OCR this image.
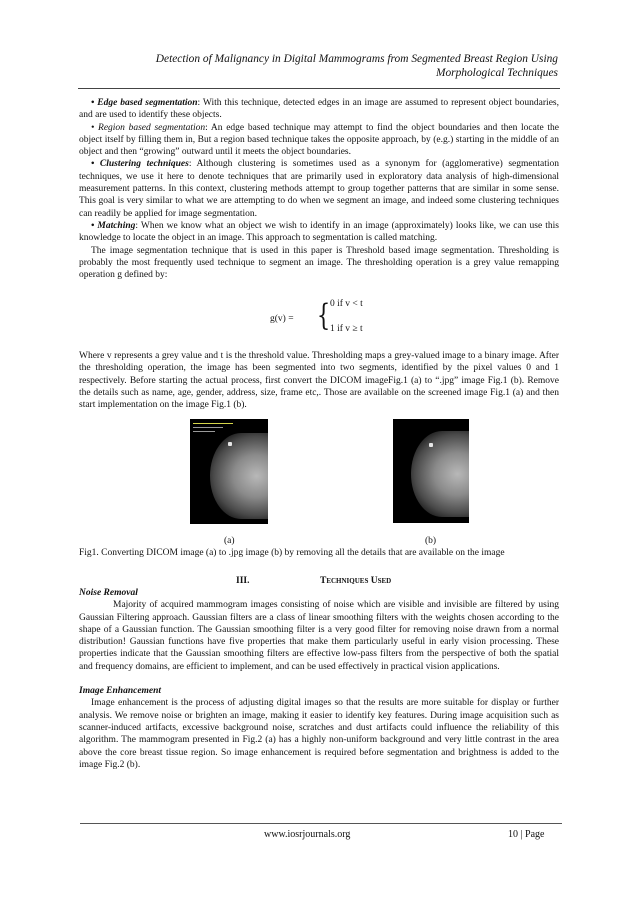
Detection of Malignancy in Digital Mammograms from Segmented Breast Region Using
Morphological Techniques

• Edge based segmentation: With this technique, detected edges in an image are assumed to represent object boundaries, and are used to identify these objects.

• Region based segmentation: An edge based technique may attempt to find the object boundaries and then locate the object itself by filling them in, But a region based technique takes the opposite approach, by (e.g.) starting in the middle of an object and then “growing” outward until it meets the object boundaries.

• Clustering techniques: Although clustering is sometimes used as a synonym for (agglomerative) segmentation techniques, we use it here to denote techniques that are primarily used in exploratory data analysis of high-dimensional measurement patterns. In this context, clustering methods attempt to group together patterns that are similar in some sense. This goal is very similar to what we are attempting to do when we segment an image, and indeed some clustering techniques can readily be applied for image segmentation.

• Matching: When we know what an object we wish to identify in an image (approximately) looks like, we can use this knowledge to locate the object in an image. This approach to segmentation is called matching.

The image segmentation technique that is used in this paper is Threshold based image segmentation. Thresholding is probably the most frequently used technique to segment an image. The thresholding operation is a grey value remapping operation g defined by:

g(v) = { 0 if v < t
1 if v ≥ t

Where v represents a grey value and t is the threshold value. Thresholding maps a grey-valued image to a binary image. After the thresholding operation, the image has been segmented into two segments, identified by the pixel values 0 and 1 respectively. Before starting the actual process, first convert the DICOM imageFig.1 (a) to “.jpg” image Fig.1 (b). Remove the details such as name, age, gender, address, size, frame etc,. Those are available on the screened image Fig.1 (a) and then start implementation on the image Fig.1 (b).

(a)	(b)
Fig1. Converting DICOM image (a) to .jpg image (b) by removing all the details that are available on the image
III.	Techniques Used

Noise Removal

Majority of acquired mammogram images consisting of noise which are visible and invisible are filtered by using Gaussian Filtering approach. Gaussian filters are a class of linear smoothing filters with the weights chosen according to the shape of a Gaussian function. The Gaussian smoothing filter is a very good filter for removing noise drawn from a normal distribution! Gaussian functions have five properties that make them particularly useful in early vision processing. These properties indicate that the Gaussian smoothing filters are effective low-pass filters from the perspective of both the spatial and frequency domains, are efficient to implement, and can be used effectively in practical vision applications.

Image Enhancement

Image enhancement is the process of adjusting digital images so that the results are more suitable for display or further analysis. We remove noise or brighten an image, making it easier to identify key features. During image acquisition such as scanner-induced artifacts, excessive background noise, scratches and dust artifacts could influence the reliability of this algorithm. The mammogram presented in Fig.2 (a) has a highly non-uniform background and very little contrast in the area above the core breast tissue region. So image enhancement is required before segmentation and brightness is added to the image Fig.2 (b).

www.iosrjournals.org	10 | Page
